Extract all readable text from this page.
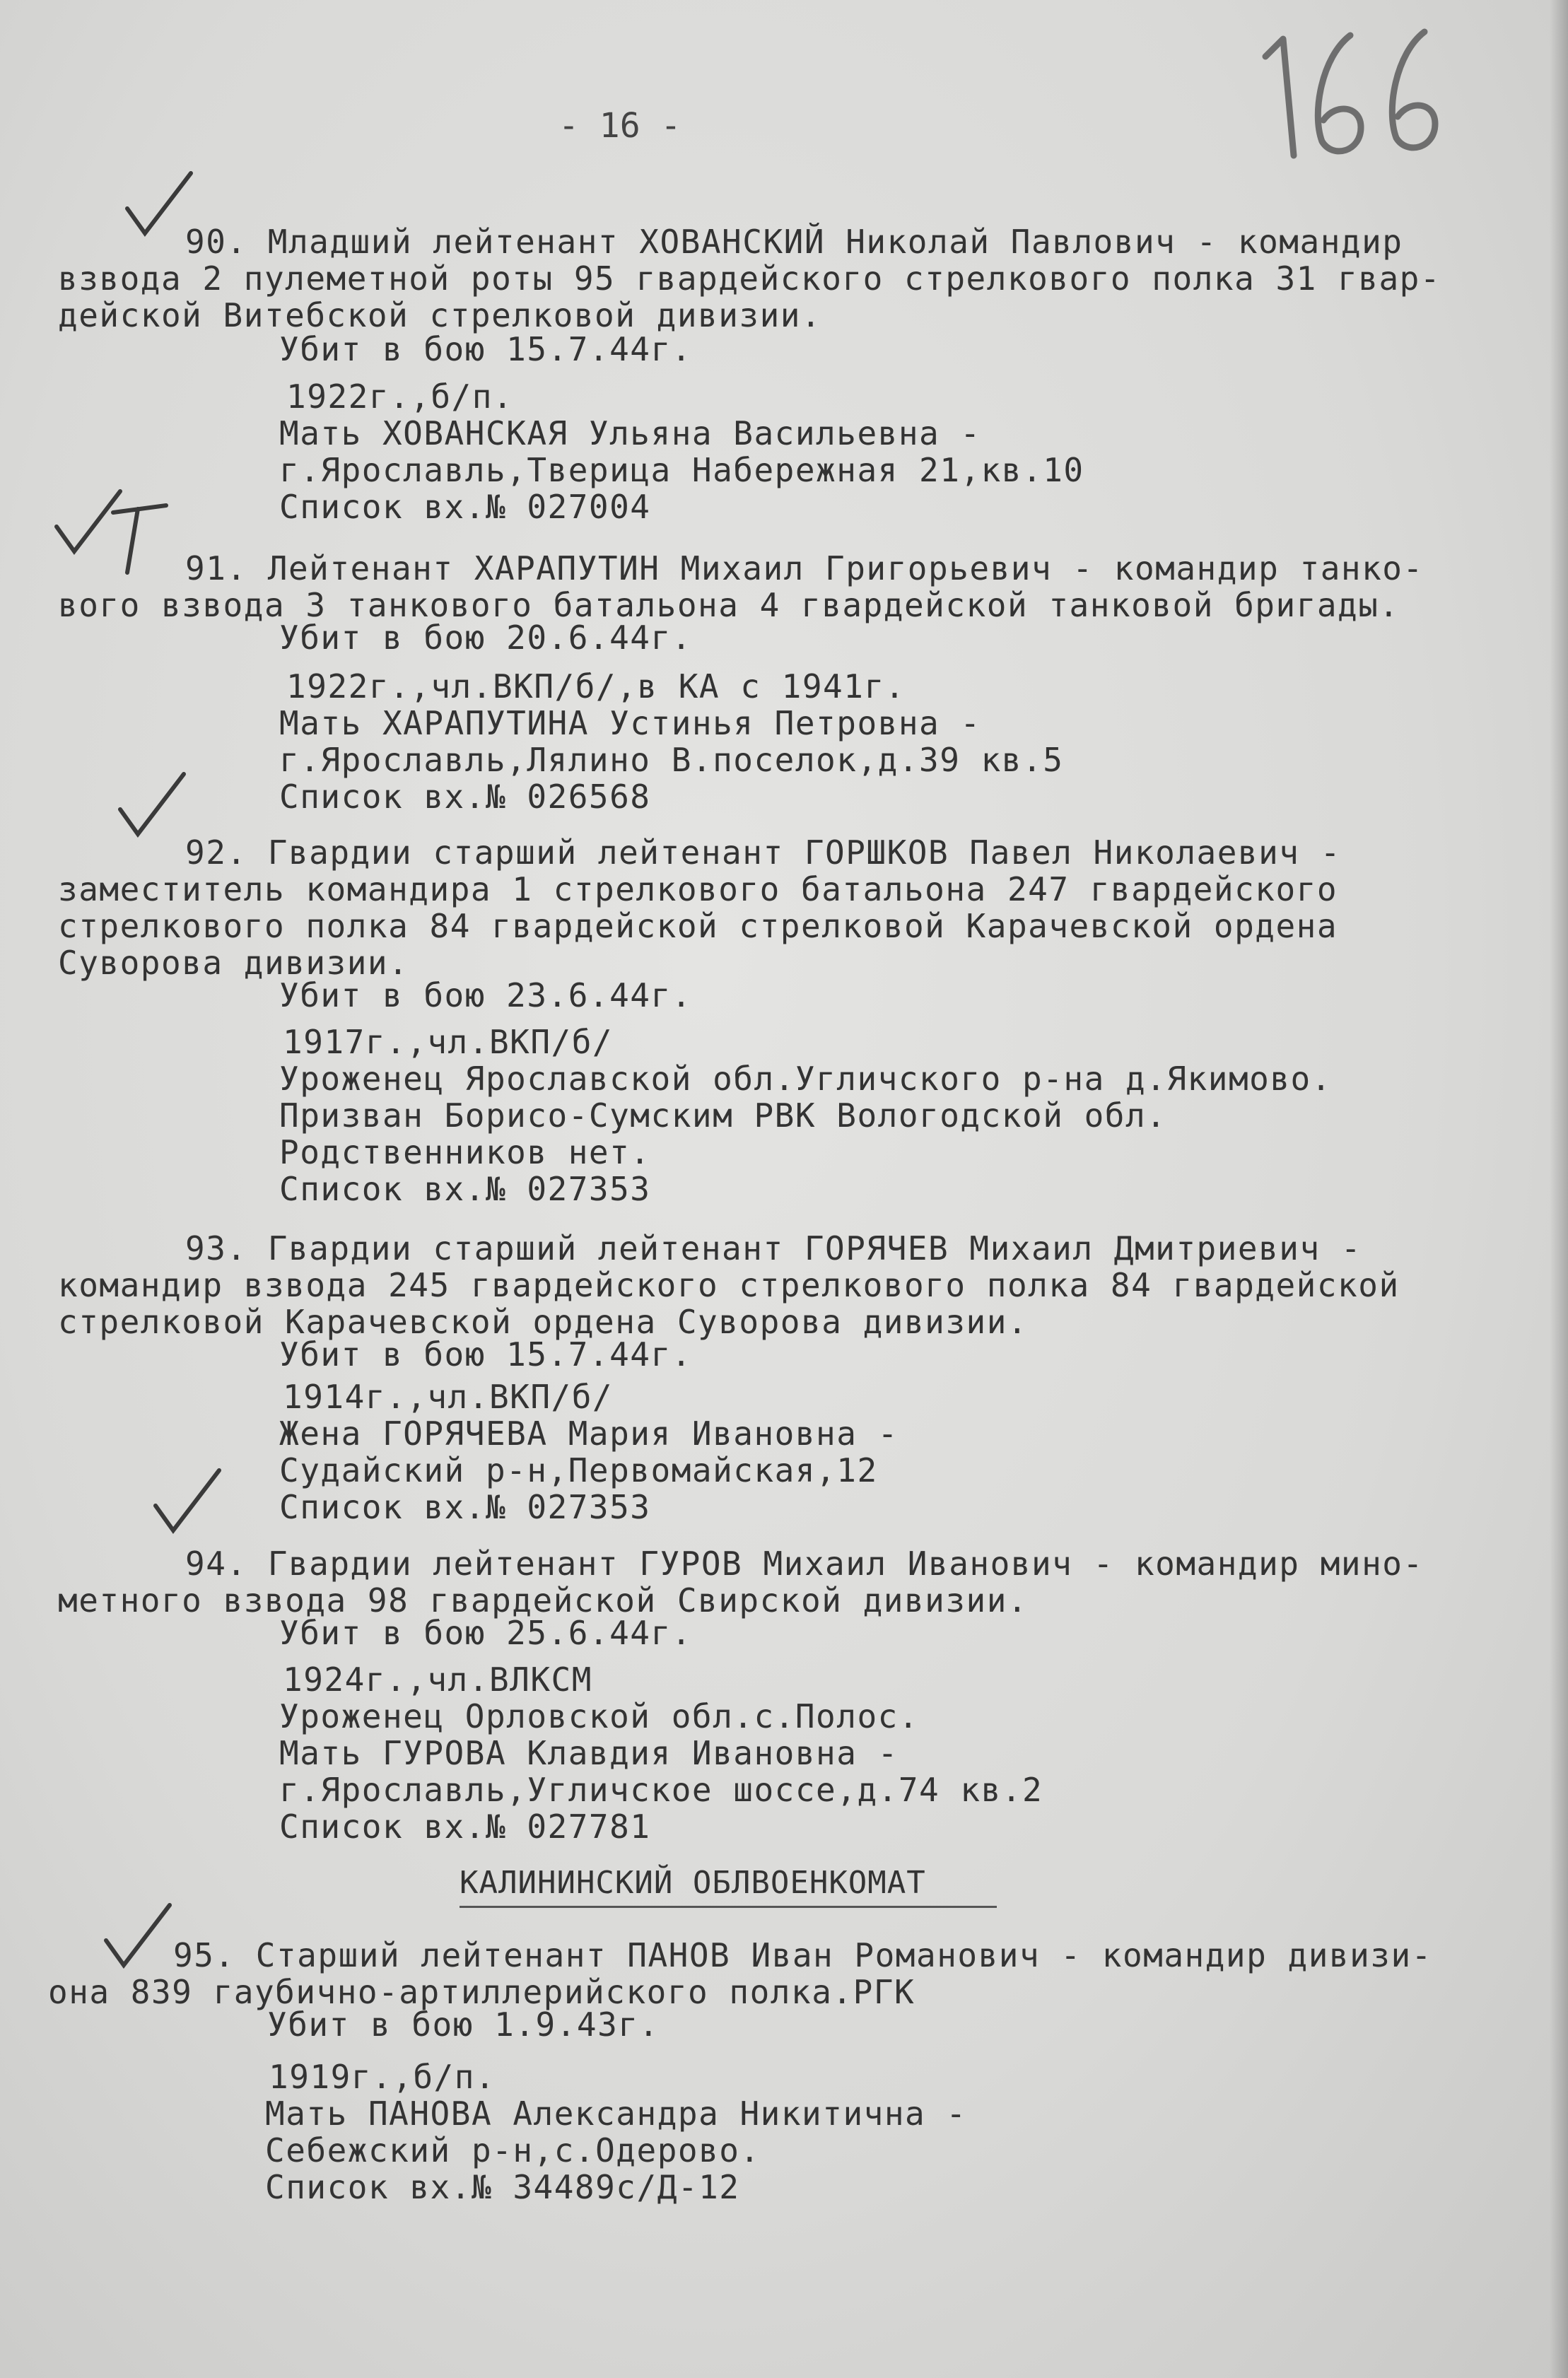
- 16 -
90. Младший лейтенант ХОВАНСКИЙ Николай Павлович - командир
взвода 2 пулеметной роты 95 гвардейского стрелкового полка 31 гвар-
дейской Витебской стрелковой дивизии.
Убит в бою 15.7.44г.
1922г.,б/п.
Мать ХОВАНСКАЯ Ульяна Васильевна -
г.Ярославль,Тверица Набережная 21,кв.10
Список вх.№ 027004
91. Лейтенант ХАРАПУТИН Михаил Григорьевич - командир танко-
вого взвода 3 танкового батальона 4 гвардейской танковой бригады.
Убит в бою 20.6.44г.
1922г.,чл.ВКП/б/,в КА с 1941г.
Мать ХАРАПУТИНА Устинья Петровна -
г.Ярославль,Лялино В.поселок,д.39 кв.5
Список вх.№ 026568
92. Гвардии старший лейтенант ГОРШКОВ Павел Николаевич -
заместитель командира 1 стрелкового батальона 247 гвардейского
стрелкового полка 84 гвардейской стрелковой Карачевской ордена
Суворова дивизии.
Убит в бою 23.6.44г.
1917г.,чл.ВКП/б/
Уроженец Ярославской обл.Угличского р-на д.Якимово.
Призван Борисо-Сумским РВК Вологодской обл.
Родственников нет.
Список вх.№ 027353
93. Гвардии старший лейтенант ГОРЯЧЕВ Михаил Дмитриевич -
командир взвода 245 гвардейского стрелкового полка 84 гвардейской
стрелковой Карачевской ордена Суворова дивизии.
Убит в бою 15.7.44г.
1914г.,чл.ВКП/б/
Жена ГОРЯЧЕВА Мария Ивановна -
Судайский р-н,Первомайская,12
Список вх.№ 027353
94. Гвардии лейтенант ГУРОВ Михаил Иванович - командир мино-
метного взвода 98 гвардейской Свирской дивизии.
Убит в бою 25.6.44г.
1924г.,чл.ВЛКСМ
Уроженец Орловской обл.с.Полос.
Мать ГУРОВА Клавдия Ивановна -
г.Ярославль,Угличское шоссе,д.74 кв.2
Список вх.№ 027781
КАЛИНИНСКИЙ ОБЛВОЕНКОМАТ
95. Старший лейтенант ПАНОВ Иван Романович - командир дивизи-
она 839 гаубично-артиллерийского полка.РГК
Убит в бою 1.9.43г.
1919г.,б/п.
Мать ПАНОВА Александра Никитична -
Себежский р-н,с.Одерово.
Список вх.№ 34489с/Д-12
